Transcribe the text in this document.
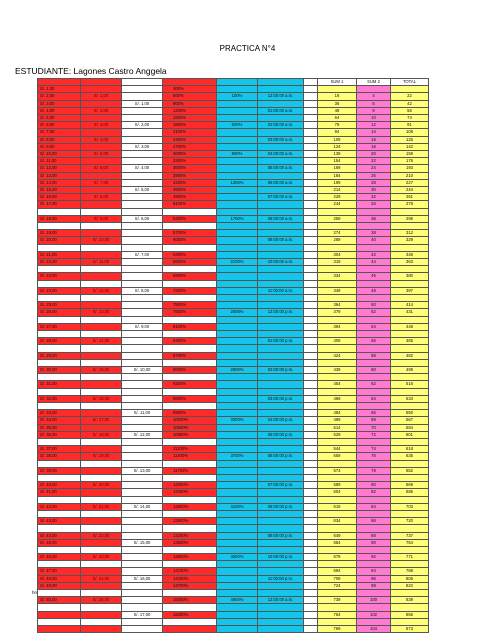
PRACTICA N°4
ESTUDIANTE: Lagones Castro Anggela
							SUM 1	SUM 2	TOTAL
S/. 1,00			300%						
S/. 2,00	S/. 1,00		600%	100%	12:00:00 a.m.		18	4	22
S/. 3,00		S/. 1,00	900%				36	6	42
S/. 4,00	S/. 2,00		1200%		01:00:00 a.m.		48	8	56
S/. 5,00			1500%				64	10	74
S/. 6,00	S/. 3,00	S/. 2,00	1800%	500%	02:00:00 a.m.		79	12	91
S/. 7,00			2100%				94	14	108
S/. 8,00	S/. 4,00		2400%		03:00:00 a.m.		109	16	125
S/. 9,00		S/. 3,00	2700%				124	18	142
S/. 10,00	S/. 5,00		3000%	900%	04:00:00 a.m.		139	20	159
S/. 11,00			3300%				154	22	176
S/. 12,00	S/. 6,00	S/. 4,00	3600%		05:00:00 a.m.		169	24	193
S/. 13,00			3900%				184	26	210
S/. 14,00	S/. 7,00		4200%	1300%	06:00:00 a.m.		199	28	227
S/. 15,00		S/. 5,00	4500%				214	30	244
S/. 16,00	S/. 8,00		4800%		07:00:00 a.m.		229	32	261
S/. 17,00			5100%				244	34	278

S/. 18,00	S/. 9,00	S/. 6,00	5400%	1700%	08:00:00 a.m.		259	36	295

S/. 19,00			5700%				274	38	312
S/. 20,00	S/. 10,00		6000%		09:00:00 a.m.		289	40	329

S/. 21,00		S/. 7,00	6300%				304	42	346
S/. 22,00	S/. 11,00		6600%	2100%	10:00:00 a.m.		319	44	363

S/. 23,00			6900%				334	46	380

S/. 24,00	S/. 12,00	S/. 8,00	7200%		11:00:00 a.m.		349	48	397

S/. 25,00			7500%				364	50	414
S/. 26,00	S/. 13,00		7800%	2500%	12:00:00 p.m.		379	52	431

S/. 27,00		S/. 9,00	8100%				394	54	448

S/. 28,00	S/. 14,00		8400%		01:00:00 p.m.		409	56	465

S/. 29,00			8700%				424	58	482

S/. 30,00	S/. 15,00	S/. 10,00	9000%	2900%	02:00:00 p.m.		439	60	499

S/. 31,00			9300%				454	62	516

S/. 32,00	S/. 16,00		9600%		03:00:00 p.m.		469	64	533

S/. 33,00		S/. 11,00	9900%				484	66	550
S/. 34,00	S/. 17,00		10200%	3300%	04:00:00 p.m.		499	68	567
S/. 35,00			10500%				514	70	584
S/. 36,00	S/. 18,00	S/. 12,00	10800%		05:00:00 p.m.		529	72	601

S/. 37,00			11100%				544	74	618
S/. 38,00	S/. 19,00		11400%	3700%	06:00:00 p.m.		559	76	635

S/. 39,00		S/. 13,00	11700%				574	78	652

S/. 40,00	S/. 20,00		12000%		07:00:00 p.m.		589	80	669
S/. 41,00			12300%				604	82	686

S/. 42,00	S/. 21,00	S/. 14,00	12600%	4100%	08:00:00 p.m.		619	84	703

S/. 43,00			12900%				634	86	720

S/. 44,00	S/. 22,00		13200%		09:00:00 p.m.		649	88	737
S/. 45,00		S/. 15,00	13500%				664	90	754

S/. 46,00	S/. 23,00		13800%	4500%	10:00:00 p.m.		679	92	771

S/. 47,00			14100%				694	94	788
S/. 48,00	S/. 24,00	S/. 16,00	14400%		11:00:00 p.m.		709	96	805
S/. 49,00			14700%				724	98	822

S/. 50,00	S/. 25,00		15000%	4900%	12:00:00 a.m.		739	100	839

		S/. 17,00	15300%				754	102	856

							769	104	873
hn
